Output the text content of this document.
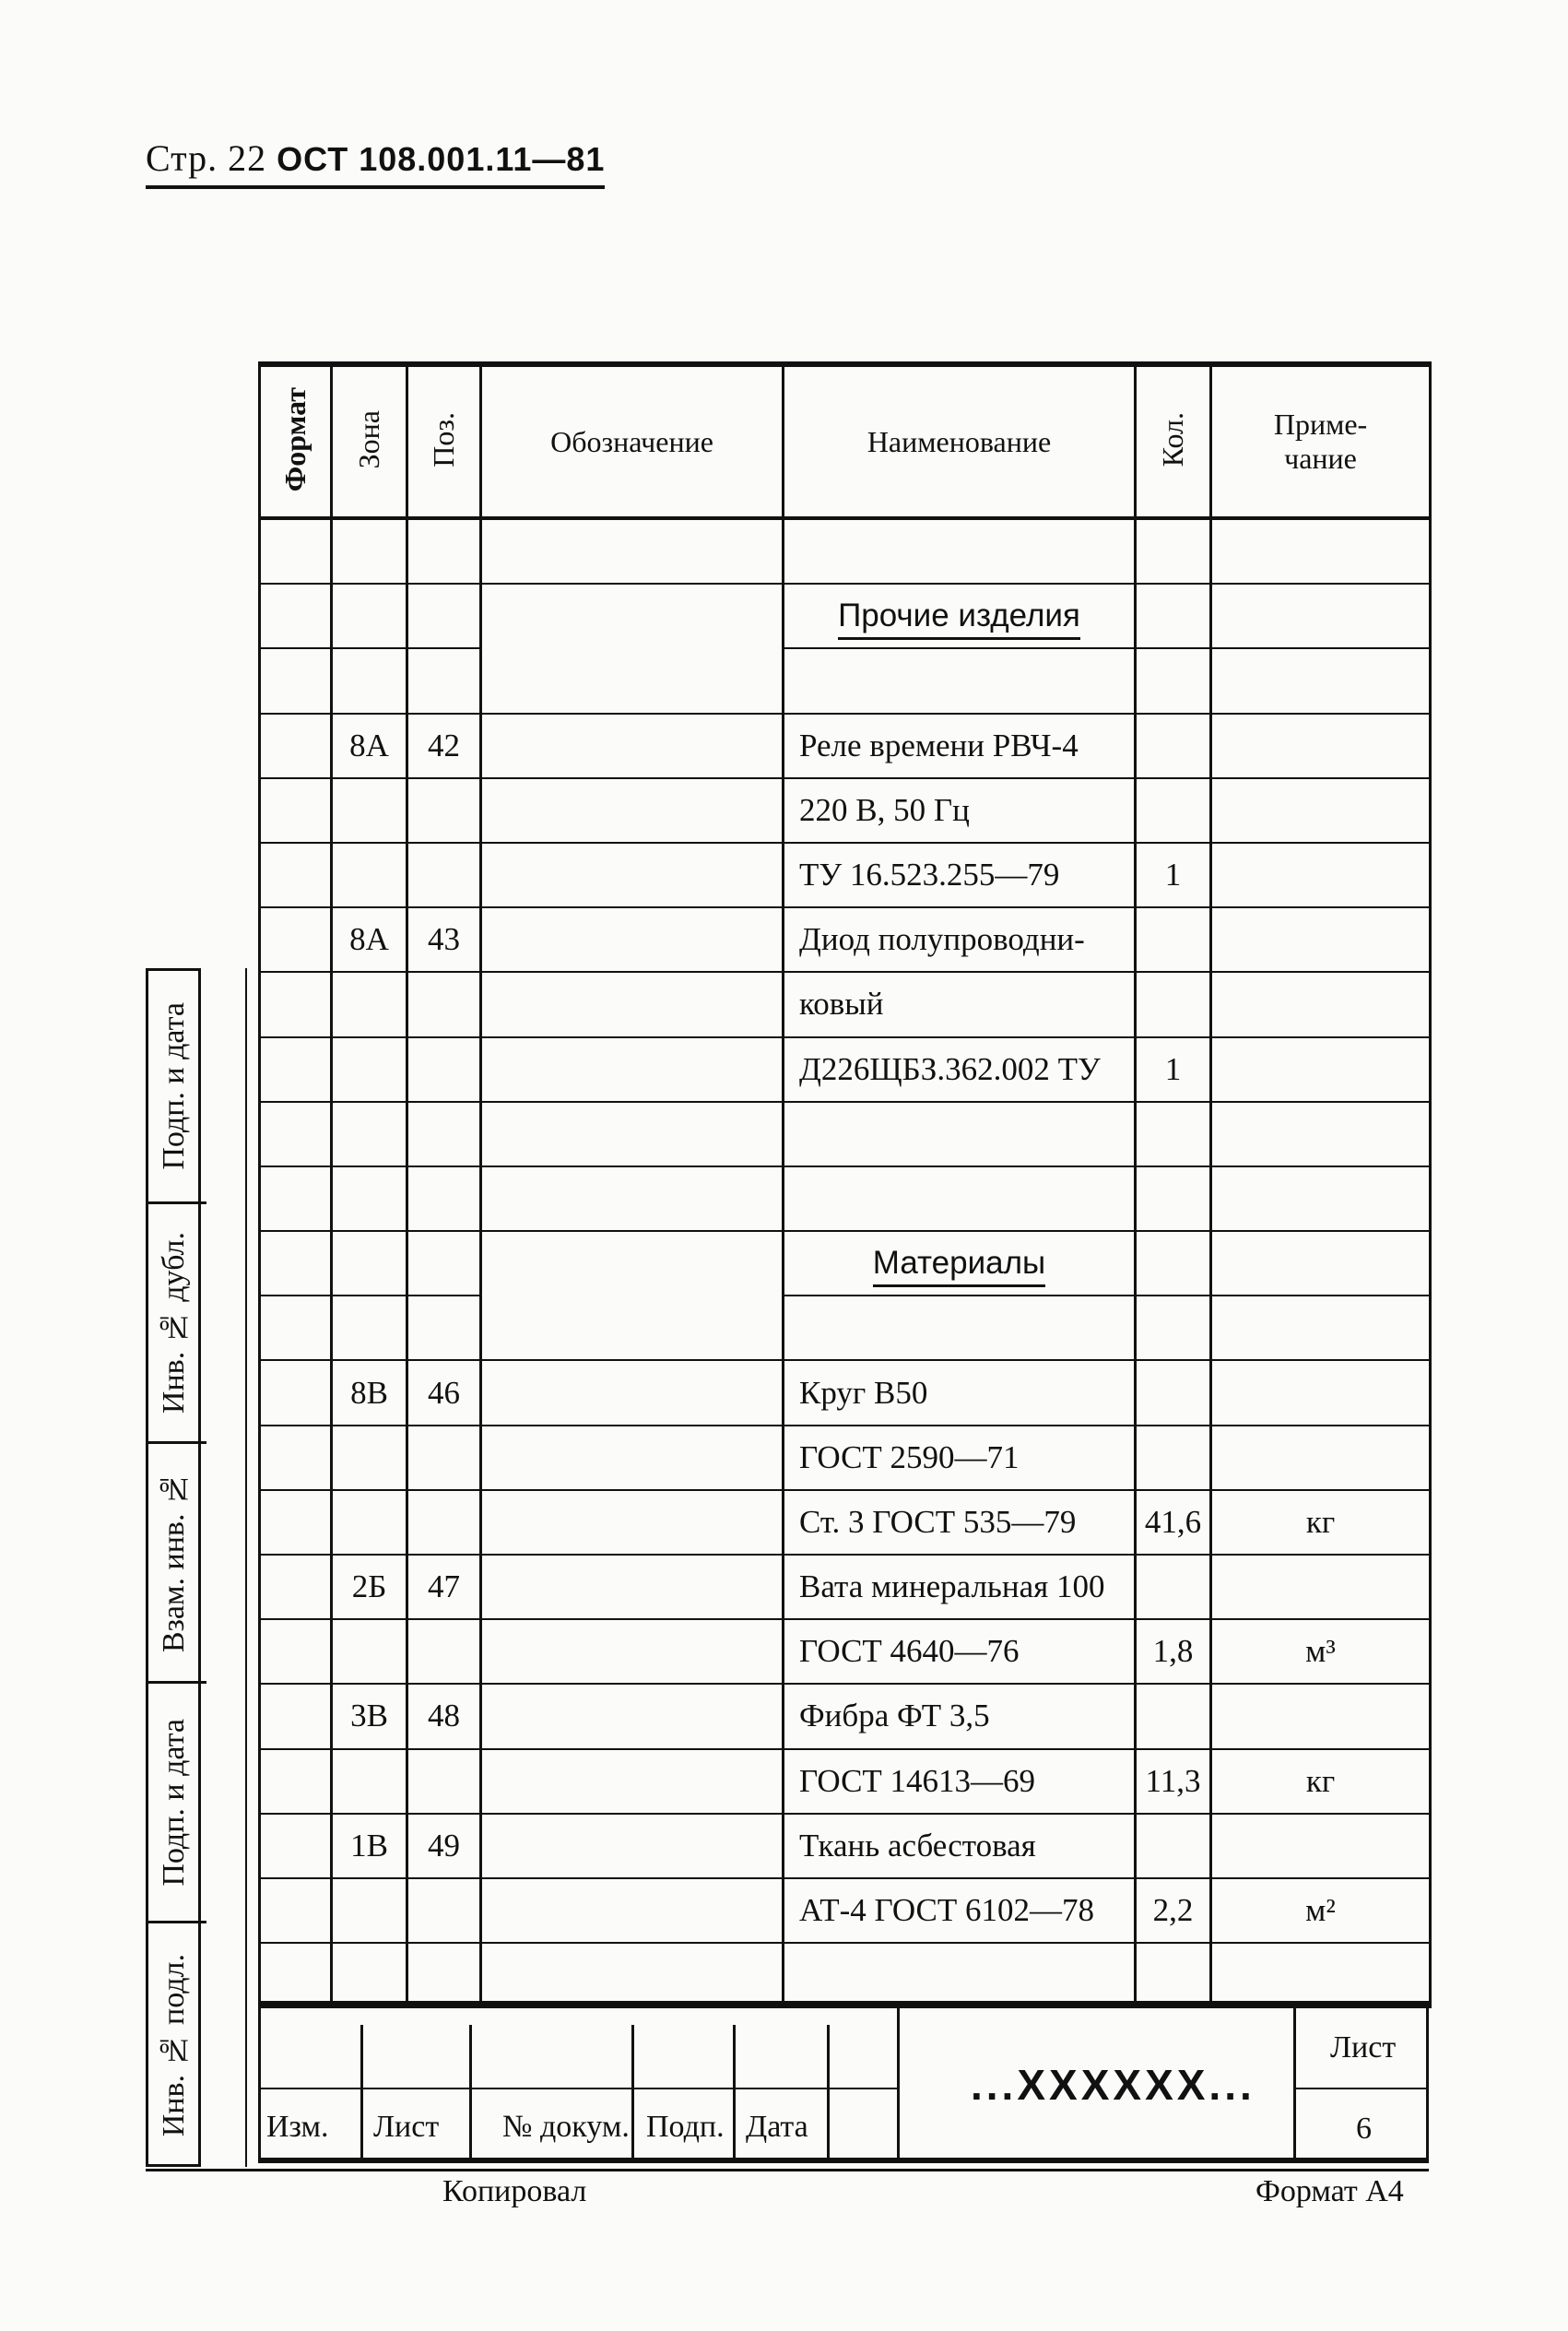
Стр. 22 ОСТ 108.001.11—81
Формат	Зона	Поз.	Обозначение	Наименование	Кол.	Приме-
чание

				Прочие изделия		

	8А	42		Реле времени РВЧ-4		
				220 В, 50 Гц		
				ТУ 16.523.255—79	1	
	8А	43		Диод полупроводни-		
				ковый		
				Д226ЩБЗ.362.002 ТУ	1	

				Материалы		

	8В	46		Круг В50		
				ГОСТ 2590—71		
				Ст. 3 ГОСТ 535—79	41,6	кг
	2Б	47		Вата минеральная 100		
				ГОСТ 4640—76	1,8	м³
	3В	48		Фибра ФТ 3,5		
				ГОСТ 14613—69	11,3	кг
	1В	49		Ткань асбестовая		
				АТ-4 ГОСТ 6102—78	2,2	м²

Изм. Лист № докум. Подп. Дата
...XXXXXX...
Лист
6
Подп. и дата
Инв. № дубл.
Взам. инв. №
Подп. и дата
Инв. № подл.
Копировал	Формат А4
